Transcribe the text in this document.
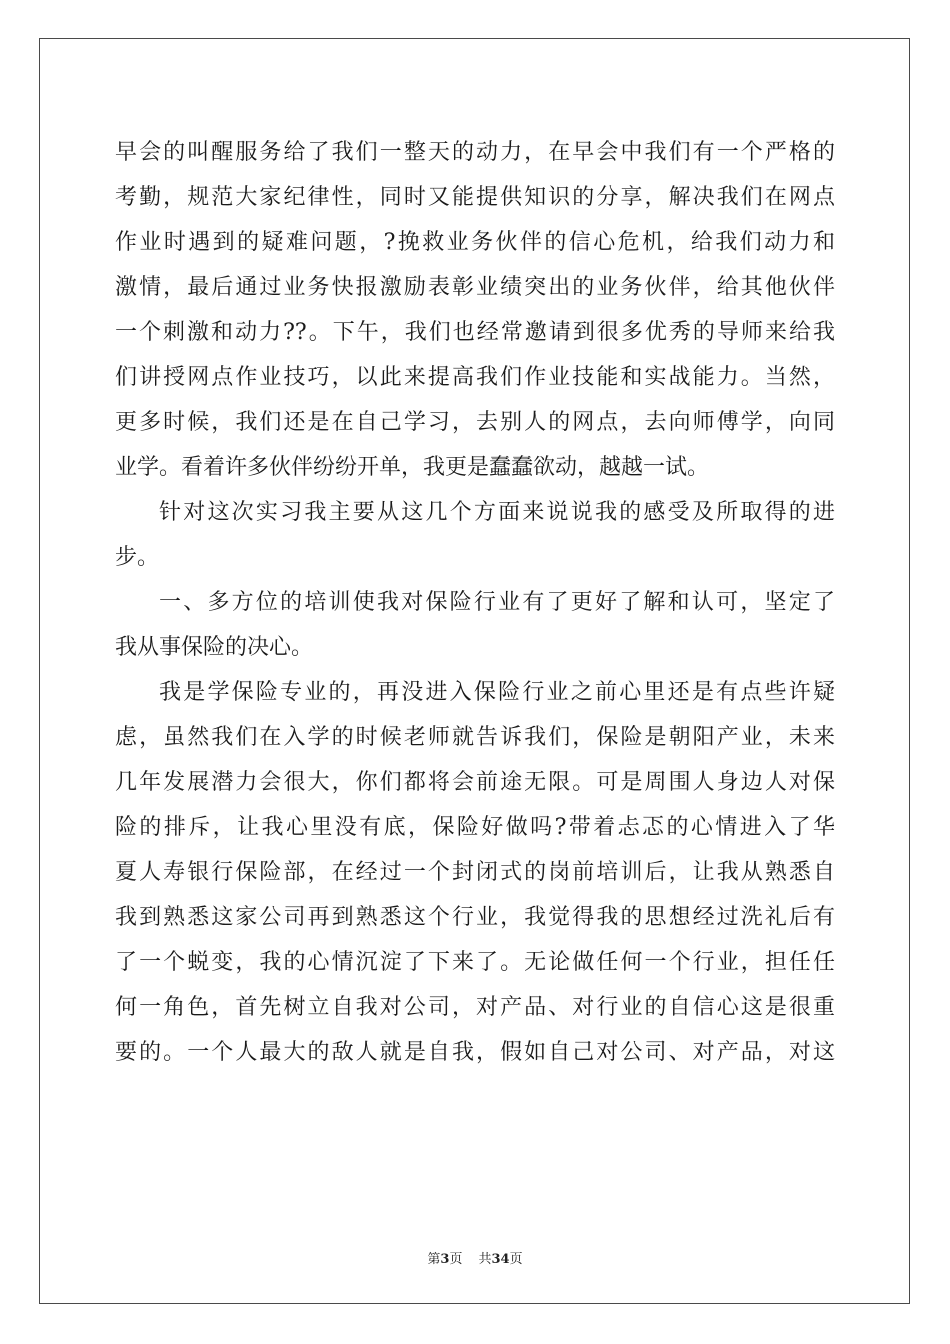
早会的叫醒服务给了我们一整天的动力，在早会中我们有一个严格的
考勤，规范大家纪律性，同时又能提供知识的分享，解决我们在网点
作业时遇到的疑难问题，?挽救业务伙伴的信心危机，给我们动力和
激情，最后通过业务快报激励表彰业绩突出的业务伙伴，给其他伙伴
一个刺激和动力??。下午，我们也经常邀请到很多优秀的导师来给我
们讲授网点作业技巧，以此来提高我们作业技能和实战能力。当然，
更多时候，我们还是在自己学习，去别人的网点，去向师傅学，向同
业学。看着许多伙伴纷纷开单，我更是蠢蠢欲动，越越一试。
针对这次实习我主要从这几个方面来说说我的感受及所取得的进
步。
一、多方位的培训使我对保险行业有了更好了解和认可，坚定了
我从事保险的决心。
我是学保险专业的，再没进入保险行业之前心里还是有点些许疑
虑，虽然我们在入学的时候老师就告诉我们，保险是朝阳产业，未来
几年发展潜力会很大，你们都将会前途无限。可是周围人身边人对保
险的排斥，让我心里没有底，保险好做吗?带着忐忑的心情进入了华
夏人寿银行保险部，在经过一个封闭式的岗前培训后，让我从熟悉自
我到熟悉这家公司再到熟悉这个行业，我觉得我的思想经过洗礼后有
了一个蜕变，我的心情沉淀了下来了。无论做任何一个行业，担任任
何一角色，首先树立自我对公司，对产品、对行业的自信心这是很重
要的。一个人最大的敌人就是自我，假如自己对公司、对产品，对这
第3页 共34页
